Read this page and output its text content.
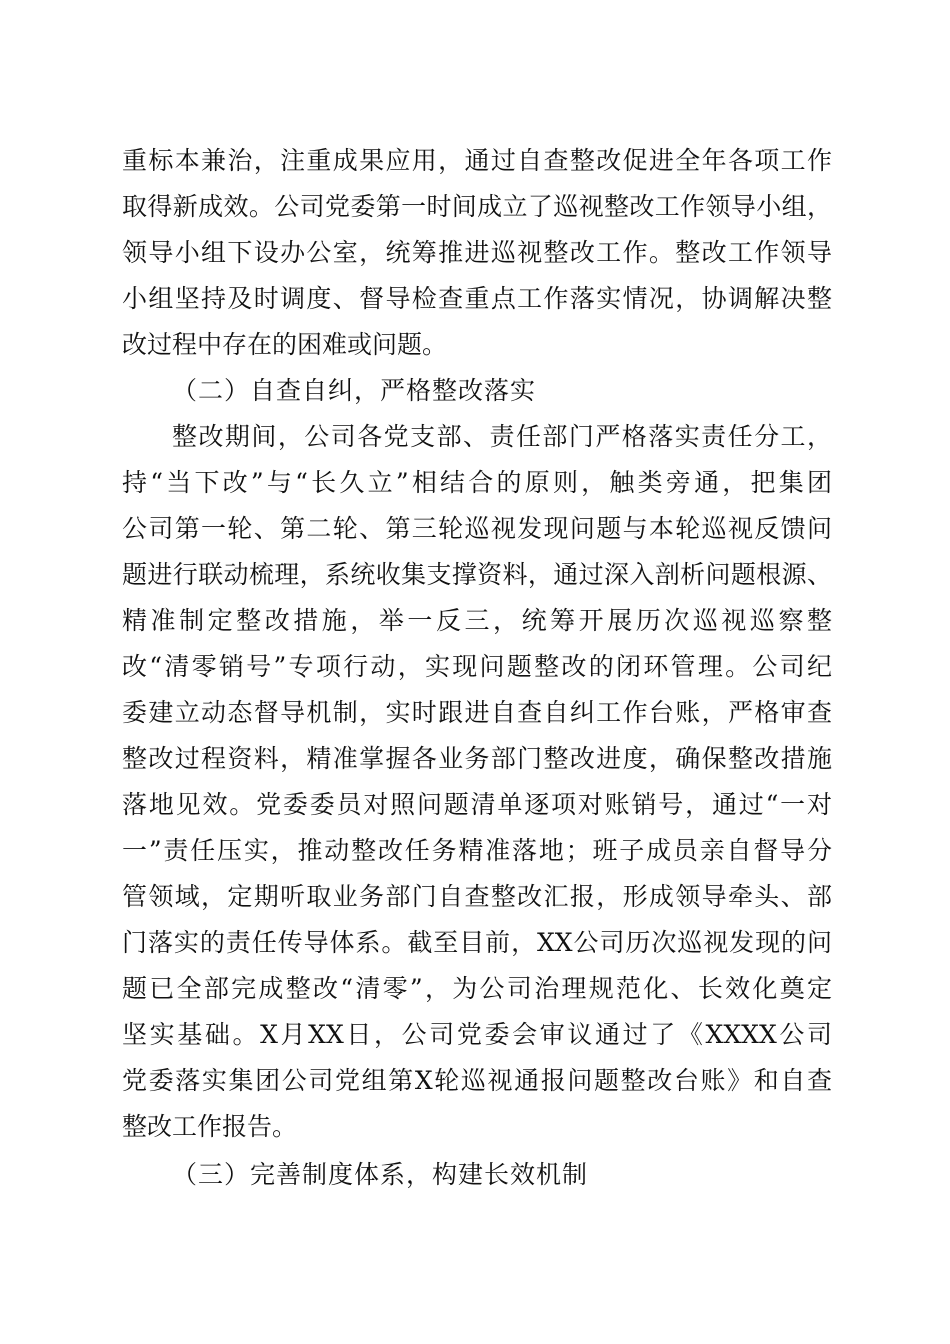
重标本兼治，注重成果应用，通过自查整改促进全年各项工作
取得新成效。公司党委第一时间成立了巡视整改工作领导小组，
领导小组下设办公室，统筹推进巡视整改工作。整改工作领导
小组坚持及时调度、督导检查重点工作落实情况，协调解决整
改过程中存在的困难或问题。
（二）自查自纠，严格整改落实
整改期间，公司各党支部、责任部门严格落实责任分工，
持“当下改”与“长久立”相结合的原则，触类旁通，把集团
公司第一轮、第二轮、第三轮巡视发现问题与本轮巡视反馈问
题进行联动梳理，系统收集支撑资料，通过深入剖析问题根源、
精准制定整改措施，举一反三，统筹开展历次巡视巡察整
改“清零销号”专项行动，实现问题整改的闭环管理。公司纪
委建立动态督导机制，实时跟进自查自纠工作台账，严格审查
整改过程资料，精准掌握各业务部门整改进度，确保整改措施
落地见效。党委委员对照问题清单逐项对账销号，通过“一对
一”责任压实，推动整改任务精准落地；班子成员亲自督导分
管领域，定期听取业务部门自查整改汇报，形成领导牵头、部
门落实的责任传导体系。截至目前，XX公司历次巡视发现的问
题已全部完成整改“清零”，为公司治理规范化、长效化奠定
坚实基础。X月XX日，公司党委会审议通过了《XXXX公司
党委落实集团公司党组第X轮巡视通报问题整改台账》和自查
整改工作报告。
（三）完善制度体系，构建长效机制
